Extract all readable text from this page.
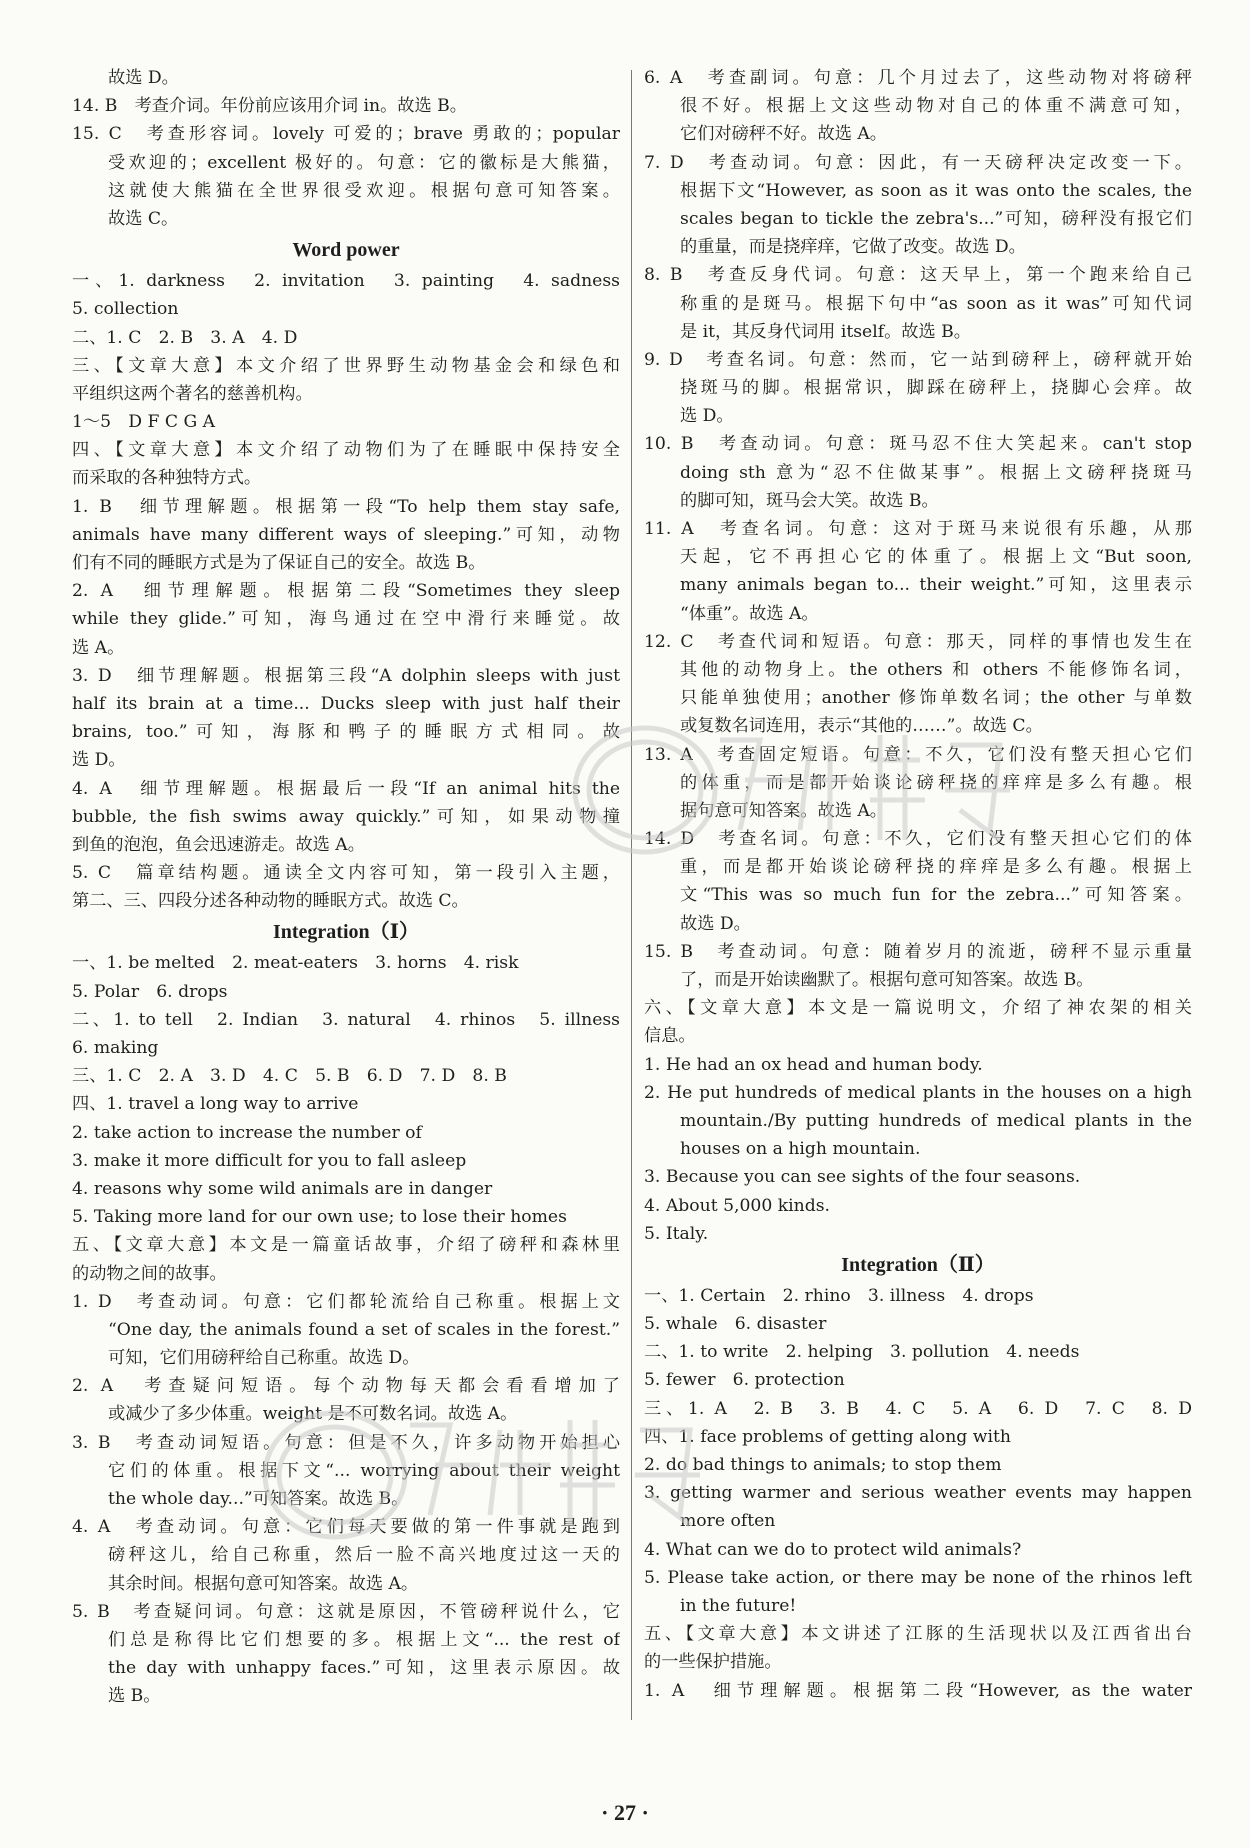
故选 D。
14. B　考查介词。年份前应该用介词 in。故选 B。
15. C　考查形容词。lovely 可爱的；brave 勇敢的；popular
受欢迎的；excellent 极好的。句意：它的徽标是大熊猫，
这就使大熊猫在全世界很受欢迎。根据句意可知答案。
故选 C。
Word power
一、1. darkness　2. invitation　3. painting　4. sadness
5. collection
二、1. C　2. B　3. A　4. D
三、【文章大意】本文介绍了世界野生动物基金会和绿色和
平组织这两个著名的慈善机构。
1～5　D F C G A
四、【文章大意】本文介绍了动物们为了在睡眠中保持安全
而采取的各种独特方式。
1. B　细节理解题。根据第一段“To help them stay safe,
animals have many different ways of sleeping.”可知，动物
们有不同的睡眠方式是为了保证自己的安全。故选 B。
2. A　细节理解题。根据第二段“Sometimes they sleep
while they glide.”可知，海鸟通过在空中滑行来睡觉。故
选 A。
3. D　细节理解题。根据第三段“A dolphin sleeps with just
half its brain at a time... Ducks sleep with just half their
brains, too.”可知，海豚和鸭子的睡眠方式相同。故
选 D。
4. A　细节理解题。根据最后一段“If an animal hits the
bubble, the fish swims away quickly.”可知，如果动物撞
到鱼的泡泡，鱼会迅速游走。故选 A。
5. C　篇章结构题。通读全文内容可知，第一段引入主题，
第二、三、四段分述各种动物的睡眠方式。故选 C。
Integration（Ⅰ）
一、1. be melted　2. meat-eaters　3. horns　4. risk
5. Polar　6. drops
二、1. to tell　2. Indian　3. natural　4. rhinos　5. illness
6. making
三、1. C　2. A　3. D　4. C　5. B　6. D　7. D　8. B
四、1. travel a long way to arrive
2. take action to increase the number of
3. make it more difficult for you to fall asleep
4. reasons why some wild animals are in danger
5. Taking more land for our own use; to lose their homes
五、【文章大意】本文是一篇童话故事，介绍了磅秤和森林里
的动物之间的故事。
1. D　考查动词。句意：它们都轮流给自己称重。根据上文
“One day, the animals found a set of scales in the forest.”
可知，它们用磅秤给自己称重。故选 D。
2. A　考查疑问短语。每个动物每天都会看看增加了
或减少了多少体重。weight 是不可数名词。故选 A。
3. B　考查动词短语。句意：但是不久，许多动物开始担心
它们的体重。根据下文“... worrying about their weight
the whole day...”可知答案。故选 B。
4. A　考查动词。句意：它们每天要做的第一件事就是跑到
磅秤这儿，给自己称重，然后一脸不高兴地度过这一天的
其余时间。根据句意可知答案。故选 A。
5. B　考查疑问词。句意：这就是原因，不管磅秤说什么，它
们总是称得比它们想要的多。根据上文“... the rest of
the day with unhappy faces.”可知，这里表示原因。故
选 B。
6. A　考查副词。句意：几个月过去了，这些动物对将磅秤
很不好。根据上文这些动物对自己的体重不满意可知，
它们对磅秤不好。故选 A。
7. D　考查动词。句意：因此，有一天磅秤决定改变一下。
根据下文“However, as soon as it was onto the scales, the
scales began to tickle the zebra's...”可知，磅秤没有报它们
的重量，而是挠痒痒，它做了改变。故选 D。
8. B　考查反身代词。句意：这天早上，第一个跑来给自己
称重的是斑马。根据下句中“as soon as it was”可知代词
是 it，其反身代词用 itself。故选 B。
9. D　考查名词。句意：然而，它一站到磅秤上，磅秤就开始
挠斑马的脚。根据常识，脚踩在磅秤上，挠脚心会痒。故
选 D。
10. B　考查动词。句意：斑马忍不住大笑起来。can't stop
doing sth 意为“忍不住做某事”。根据上文磅秤挠斑马
的脚可知，斑马会大笑。故选 B。
11. A　考查名词。句意：这对于斑马来说很有乐趣，从那
天起，它不再担心它的体重了。根据上文“But soon,
many animals began to... their weight.”可知，这里表示
“体重”。故选 A。
12. C　考查代词和短语。句意：那天，同样的事情也发生在
其他的动物身上。the others 和 others 不能修饰名词，
只能单独使用；another 修饰单数名词；the other 与单数
或复数名词连用，表示“其他的……”。故选 C。
13. A　考查固定短语。句意：不久，它们没有整天担心它们
的体重，而是都开始谈论磅秤挠的痒痒是多么有趣。根
据句意可知答案。故选 A。
14. D　考查名词。句意：不久，它们没有整天担心它们的体
重，而是都开始谈论磅秤挠的痒痒是多么有趣。根据上
文“This was so much fun for the zebra...”可知答案。
故选 D。
15. B　考查动词。句意：随着岁月的流逝，磅秤不显示重量
了，而是开始读幽默了。根据句意可知答案。故选 B。
六、【文章大意】本文是一篇说明文，介绍了神农架的相关
信息。
1. He had an ox head and human body.
2. He put hundreds of medical plants in the houses on a high
mountain./By putting hundreds of medical plants in the
houses on a high mountain.
3. Because you can see sights of the four seasons.
4. About 5,000 kinds.
5. Italy.
Integration（Ⅱ）
一、1. Certain　2. rhino　3. illness　4. drops
5. whale　6. disaster
二、1. to write　2. helping　3. pollution　4. needs
5. fewer　6. protection
三、1. A　2. B　3. B　4. C　5. A　6. D　7. C　8. D
四、1. face problems of getting along with
2. do bad things to animals; to stop them
3. getting warmer and serious weather events may happen
more often
4. What can we do to protect wild animals?
5. Please take action, or there may be none of the rhinos left
in the future!
五、【文章大意】本文讲述了江豚的生活现状以及江西省出台
的一些保护措施。
1. A　细节理解题。根据第二段“However, as the water
· 27 ·
